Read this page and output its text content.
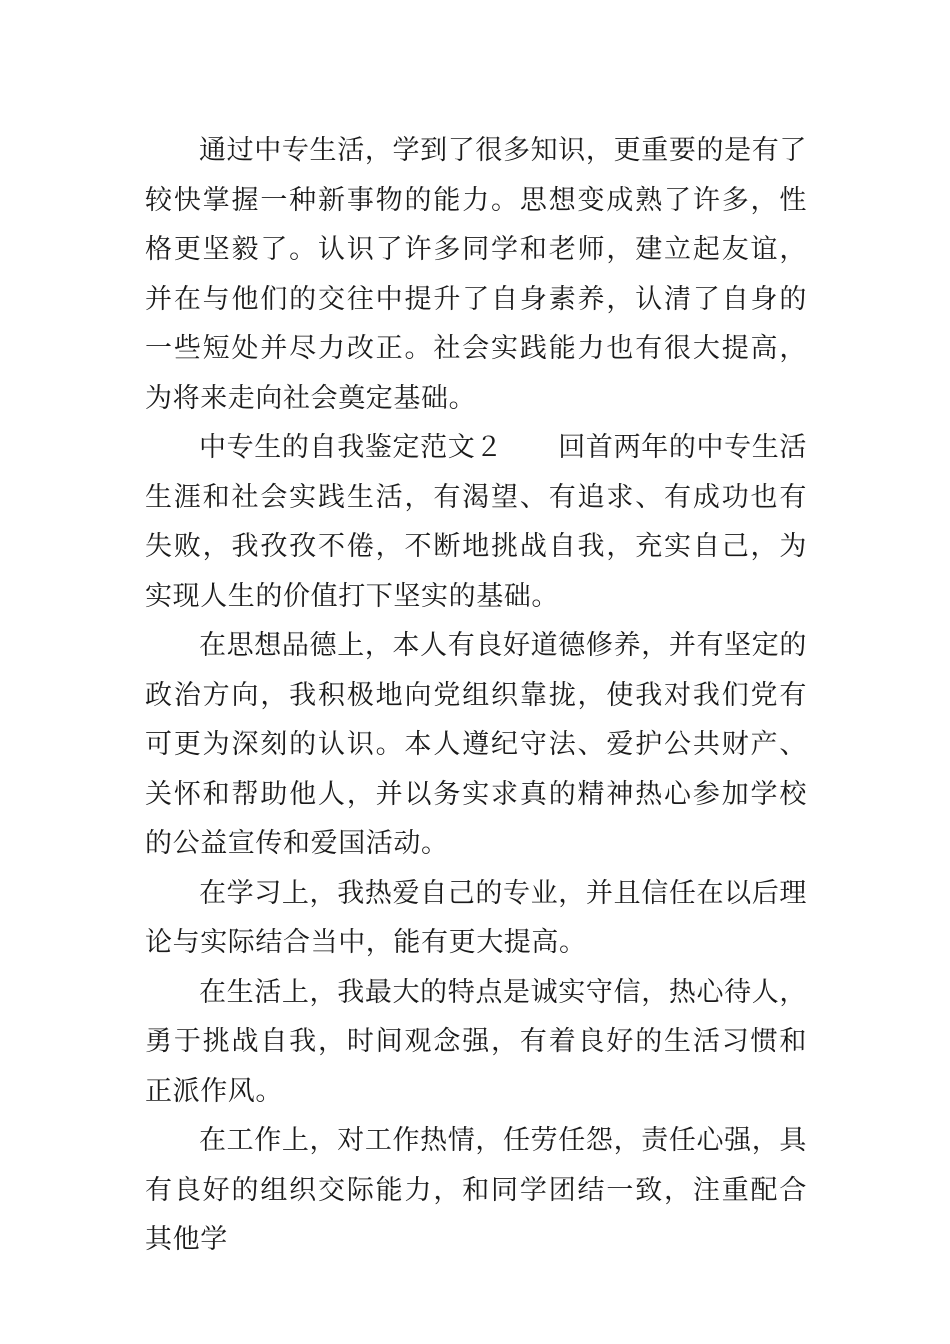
通过中专生活，学到了很多知识，更重要的是有了较快掌握一种新事物的能力。思想变成熟了许多，性格更坚毅了。认识了许多同学和老师，建立起友谊，并在与他们的交往中提升了自身素养，认清了自身的一些短处并尽力改正。社会实践能力也有很大提高，为将来走向社会奠定基础。

中专生的自我鉴定范文２　　回首两年的中专生活生涯和社会实践生活，有渴望、有追求、有成功也有失败，我孜孜不倦，不断地挑战自我，充实自己，为实现人生的价值打下坚实的基础。

在思想品德上，本人有良好道德修养，并有坚定的政治方向，我积极地向党组织靠拢，使我对我们党有可更为深刻的认识。本人遵纪守法、爱护公共财产、关怀和帮助他人，并以务实求真的精神热心参加学校的公益宣传和爱国活动。

在学习上，我热爱自己的专业，并且信任在以后理论与实际结合当中，能有更大提高。

在生活上，我最大的特点是诚实守信，热心待人，勇于挑战自我，时间观念强，有着良好的生活习惯和正派作风。

在工作上，对工作热情，任劳任怨，责任心强，具有良好的组织交际能力，和同学团结一致，注重配合其他学
